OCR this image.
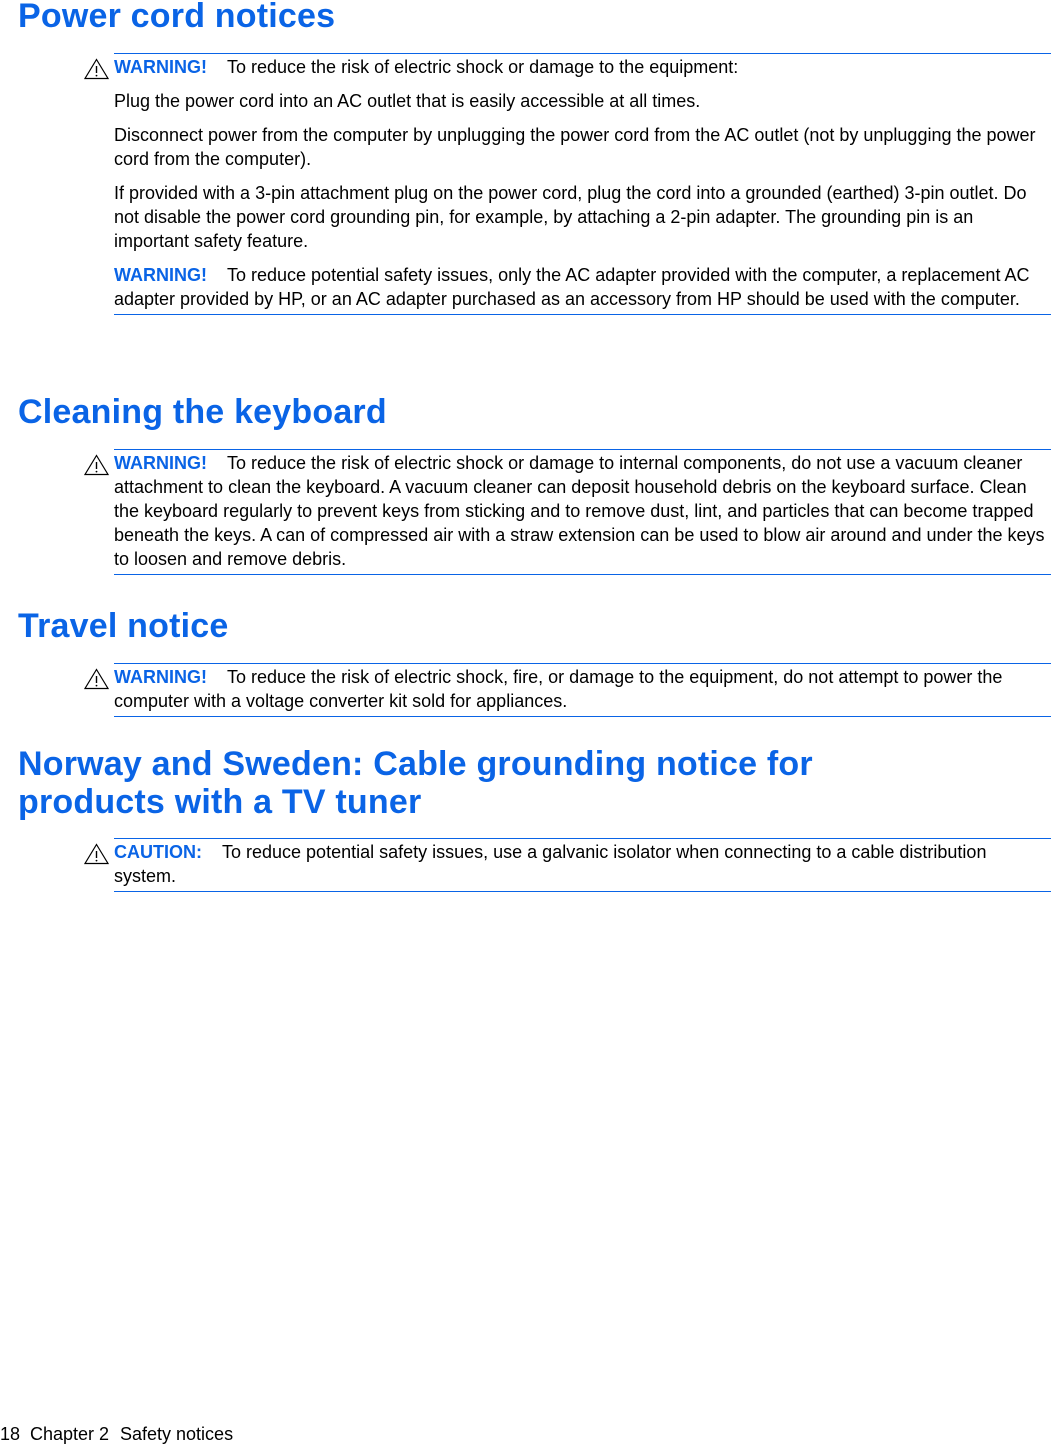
Power cord notices

WARNING! To reduce the risk of electric shock or damage to the equipment:

Plug the power cord into an AC outlet that is easily accessible at all times.

Disconnect power from the computer by unplugging the power cord from the AC outlet (not by unplugging the power cord from the computer).

If provided with a 3-pin attachment plug on the power cord, plug the cord into a grounded (earthed) 3-pin outlet. Do not disable the power cord grounding pin, for example, by attaching a 2-pin adapter. The grounding pin is an important safety feature.

WARNING! To reduce potential safety issues, only the AC adapter provided with the computer, a replacement AC adapter provided by HP, or an AC adapter purchased as an accessory from HP should be used with the computer.

Cleaning the keyboard

WARNING! To reduce the risk of electric shock or damage to internal components, do not use a vacuum cleaner attachment to clean the keyboard. A vacuum cleaner can deposit household debris on the keyboard surface. Clean the keyboard regularly to prevent keys from sticking and to remove dust, lint, and particles that can become trapped beneath the keys. A can of compressed air with a straw extension can be used to blow air around and under the keys to loosen and remove debris.

Travel notice

WARNING! To reduce the risk of electric shock, fire, or damage to the equipment, do not attempt to power the computer with a voltage converter kit sold for appliances.

Norway and Sweden: Cable grounding notice for products with a TV tuner

CAUTION: To reduce potential safety issues, use a galvanic isolator when connecting to a cable distribution system.

18 Chapter 2 Safety notices
